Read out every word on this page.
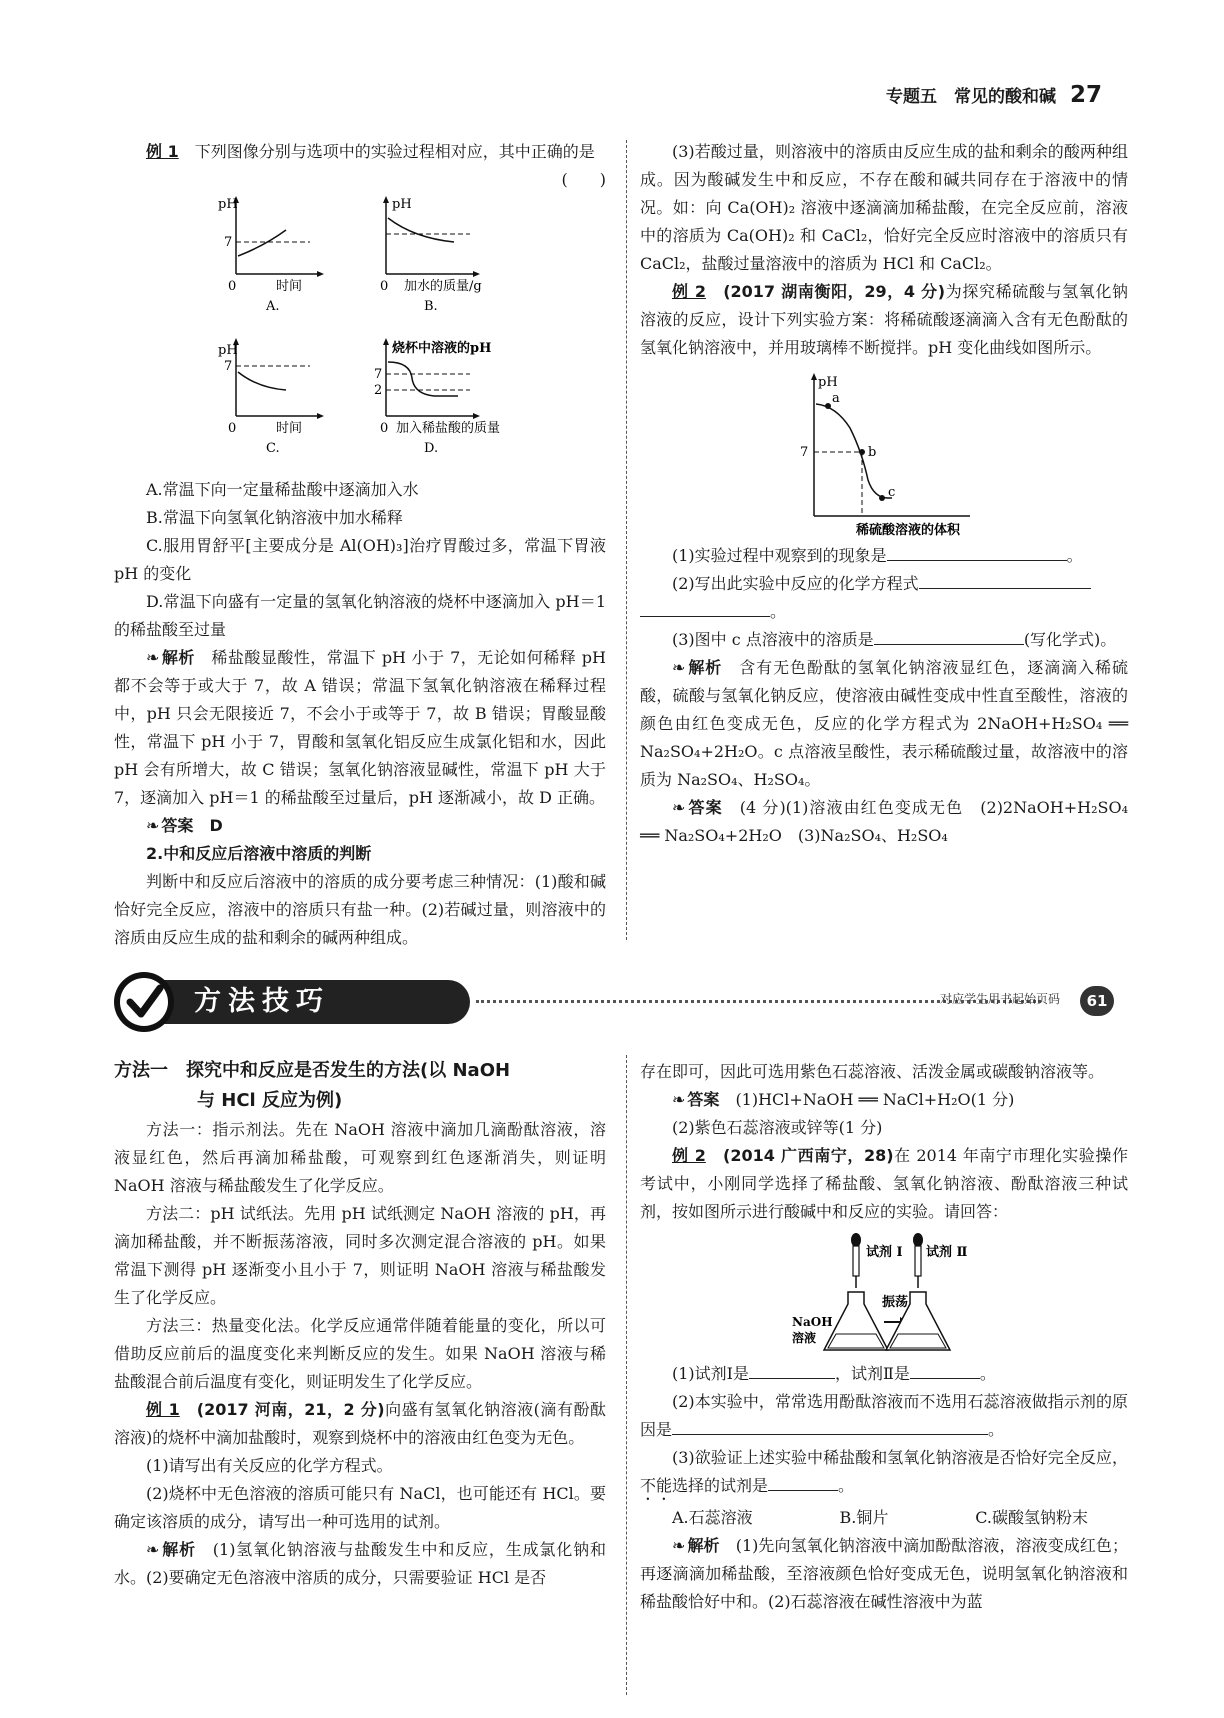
专题五　常见的酸和碱 27

例 1　 下列图像分别与选项中的实验过程相对应，其中正确的是
(　　)

pH
7
0	时间
A.
pH
0 加水的质量/g
B.
pH
7
0	时间
C.
烧杯中溶液的pH
7
2
0 加入稀盐酸的质量
D.

A.常温下向一定量稀盐酸中逐滴加入水

B.常温下向氢氧化钠溶液中加水稀释

C.服用胃舒平[主要成分是 Al(OH)₃]治疗胃酸过多，常温下胃液 pH 的变化

D.常温下向盛有一定量的氢氧化钠溶液的烧杯中逐滴加入 pH＝1 的稀盐酸至过量

❧ 解析　 稀盐酸显酸性，常温下 pH 小于 7，无论如何稀释 pH 都不会等于或大于 7，故 A 错误；常温下氢氧化钠溶液在稀释过程中，pH 只会无限接近 7，不会小于或等于 7，故 B 错误；胃酸显酸性，常温下 pH 小于 7，胃酸和氢氧化铝反应生成氯化铝和水，因此 pH 会有所增大，故 C 错误；氢氧化钠溶液显碱性，常温下 pH 大于 7，逐滴加入 pH＝1 的稀盐酸至过量后，pH 逐渐减小，故 D 正确。

❧ 答案　 D

2.中和反应后溶液中溶质的判断

判断中和反应后溶液中的溶质的成分要考虑三种情况：(1)酸和碱恰好完全反应，溶液中的溶质只有盐一种。(2)若碱过量，则溶液中的溶质由反应生成的盐和剩余的碱两种组成。

(3)若酸过量，则溶液中的溶质由反应生成的盐和剩余的酸两种组成。因为酸碱发生中和反应，不存在酸和碱共同存在于溶液中的情况。如：向 Ca(OH)₂ 溶液中逐滴滴加稀盐酸，在完全反应前，溶液中的溶质为 Ca(OH)₂ 和 CaCl₂，恰好完全反应时溶液中的溶质只有 CaCl₂，盐酸过量溶液中的溶质为 HCl 和 CaCl₂。

例 2　 (2017 湖南衡阳，29，4 分)为探究稀硫酸与氢氧化钠溶液的反应，设计下列实验方案：将稀硫酸逐滴滴入含有无色酚酞的氢氧化钠溶液中，并用玻璃棒不断搅拌。pH 变化曲线如图所示。

pH
7
a
b
c
稀硫酸溶液的体积

(1)实验过程中观察到的现象是	。

(2)写出此实验中反应的化学方程式

。

(3)图中 c 点溶液中的溶质是	(写化学式)。

❧ 解析　 含有无色酚酞的氢氧化钠溶液显红色，逐滴滴入稀硫酸，硫酸与氢氧化钠反应，使溶液由碱性变成中性直至酸性，溶液的颜色由红色变成无色，反应的化学方程式为 2NaOH+H₂SO₄ ══ Na₂SO₄+2H₂O。c 点溶液呈酸性，表示稀硫酸过量，故溶液中的溶质为 Na₂SO₄、H₂SO₄。

❧ 答案　 (4 分)(1)溶液由红色变成无色　(2)2NaOH+H₂SO₄ ══ Na₂SO₄+2H₂O　(3)Na₂SO₄、H₂SO₄

方法技巧	对应学生用书起始页码	61
方法一　 探究中和反应是否发生的方法(以 NaOH
与 HCl 反应为例)

方法一：指示剂法。先在 NaOH 溶液中滴加几滴酚酞溶液，溶液显红色，然后再滴加稀盐酸，可观察到红色逐渐消失，则证明 NaOH 溶液与稀盐酸发生了化学反应。

方法二：pH 试纸法。先用 pH 试纸测定 NaOH 溶液的 pH，再滴加稀盐酸，并不断振荡溶液，同时多次测定混合溶液的 pH。如果常温下测得 pH 逐渐变小且小于 7，则证明 NaOH 溶液与稀盐酸发生了化学反应。

方法三：热量变化法。化学反应通常伴随着能量的变化，所以可借助反应前后的温度变化来判断反应的发生。如果 NaOH 溶液与稀盐酸混合前后温度有变化，则证明发生了化学反应。

例 1　 (2017 河南，21，2 分)向盛有氢氧化钠溶液(滴有酚酞溶液)的烧杯中滴加盐酸时，观察到烧杯中的溶液由红色变为无色。

(1)请写出有关反应的化学方程式。

(2)烧杯中无色溶液的溶质可能只有 NaCl，也可能还有 HCl。要确定该溶质的成分，请写出一种可选用的试剂。

❧ 解析　 (1)氢氧化钠溶液与盐酸发生中和反应，生成氯化钠和水。(2)要确定无色溶液中溶质的成分，只需要验证 HCl 是否

存在即可，因此可选用紫色石蕊溶液、活泼金属或碳酸钠溶液等。

❧ 答案　 (1)HCl+NaOH ══ NaCl+H₂O(1 分)

(2)紫色石蕊溶液或锌等(1 分)

例 2　 (2014 广西南宁，28)在 2014 年南宁市理化实验操作考试中，小刚同学选择了稀盐酸、氢氧化钠溶液、酚酞溶液三种试剂，按如图所示进行酸碱中和反应的实验。请回答：

试剂 Ⅰ 试剂 Ⅱ
振荡
NaOH
溶液

(1)试剂Ⅰ是	，试剂Ⅱ是	。

(2)本实验中，常常选用酚酞溶液而不选用石蕊溶液做指示剂的原因是	。

(3)欲验证上述实验中稀盐酸和氢氧化钠溶液是否恰好完全反应，不能选择的试剂是	。

A.石蕊溶液	B.铜片	C.碳酸氢钠粉末

❧ 解析　 (1)先向氢氧化钠溶液中滴加酚酞溶液，溶液变成红色；再逐滴滴加稀盐酸，至溶液颜色恰好变成无色，说明氢氧化钠溶液和稀盐酸恰好中和。(2)石蕊溶液在碱性溶液中为蓝
